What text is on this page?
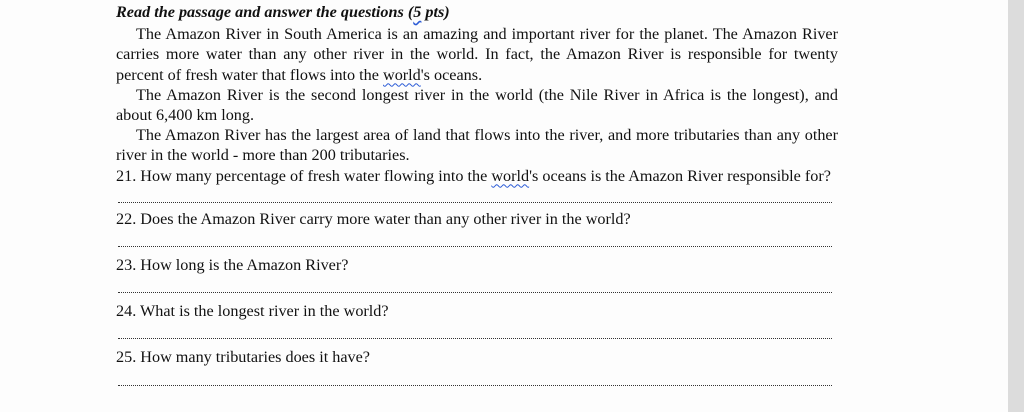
Read the passage and answer the questions (5 pts)

The Amazon River in South America is an amazing and important river for the planet. The Amazon River carries more water than any other river in the world. In fact, the Amazon River is responsible for twenty percent of fresh water that flows into the world's oceans.

The Amazon River is the second longest river in the world (the Nile River in Africa is the longest), and about 6,400 km long.

The Amazon River has the largest area of land that flows into the river, and more tributaries than any other river in the world - more than 200 tributaries.

21. How many percentage of fresh water flowing into the world's oceans is the Amazon River responsible for?

22. Does the Amazon River carry more water than any other river in the world?

23. How long is the Amazon River?

24. What is the longest river in the world?

25. How many tributaries does it have?
